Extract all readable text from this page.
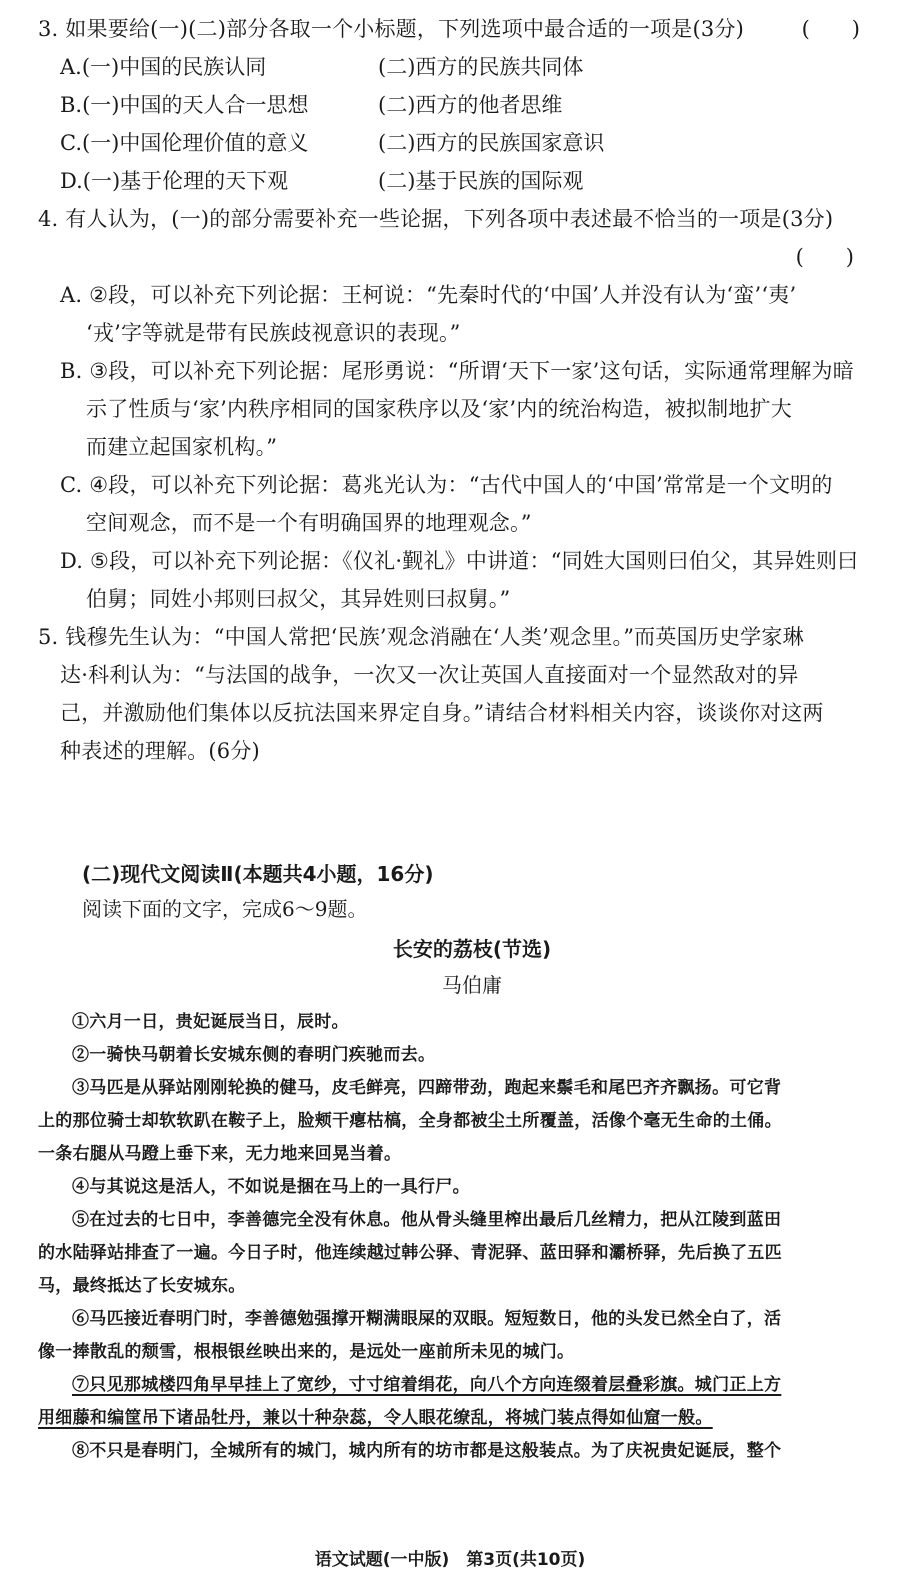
3. 如果要给(一)(二)部分各取一个小标题，下列选项中最合适的一项是(3分)	(　　)
A.(一)中国的民族认同	(二)西方的民族共同体
B.(一)中国的天人合一思想	(二)西方的他者思维
C.(一)中国伦理价值的意义	(二)西方的民族国家意识
D.(一)基于伦理的天下观	(二)基于民族的国际观
4. 有人认为，(一)的部分需要补充一些论据，下列各项中表述最不恰当的一项是(3分)
(　　)
A. ②段，可以补充下列论据：王柯说：“先秦时代的‘中国’人并没有认为‘蛮’‘夷’
‘戎’字等就是带有民族歧视意识的表现。”
B. ③段，可以补充下列论据：尾形勇说：“所谓‘天下一家’这句话，实际通常理解为暗
示了性质与‘家’内秩序相同的国家秩序以及‘家’内的统治构造，被拟制地扩大
而建立起国家机构。”
C. ④段，可以补充下列论据：葛兆光认为：“古代中国人的‘中国’常常是一个文明的
空间观念，而不是一个有明确国界的地理观念。”
D. ⑤段，可以补充下列论据：《仪礼·觐礼》中讲道：“同姓大国则曰伯父，其异姓则曰
伯舅；同姓小邦则曰叔父，其异姓则曰叔舅。”
5. 钱穆先生认为：“中国人常把‘民族’观念消融在‘人类’观念里。”而英国历史学家琳
达·科利认为：“与法国的战争，一次又一次让英国人直接面对一个显然敌对的异
己，并激励他们集体以反抗法国来界定自身。”请结合材料相关内容，谈谈你对这两
种表述的理解。(6分)
(二)现代文阅读Ⅱ(本题共4小题，16分)
阅读下面的文字，完成6～9题。
长安的荔枝(节选)
马伯庸
①六月一日，贵妃诞辰当日，辰时。
②一骑快马朝着长安城东侧的春明门疾驰而去。
③马匹是从驿站刚刚轮换的健马，皮毛鲜亮，四蹄带劲，跑起来鬃毛和尾巴齐齐飘扬。可它背
上的那位骑士却软软趴在鞍子上，脸颊干瘪枯槁，全身都被尘土所覆盖，活像个毫无生命的土俑。
一条右腿从马蹬上垂下来，无力地来回晃当着。
④与其说这是活人，不如说是捆在马上的一具行尸。
⑤在过去的七日中，李善德完全没有休息。他从骨头缝里榨出最后几丝精力，把从江陵到蓝田
的水陆驿站排查了一遍。今日子时，他连续越过韩公驿、青泥驿、蓝田驿和灞桥驿，先后换了五匹
马，最终抵达了长安城东。
⑥马匹接近春明门时，李善德勉强撑开糊满眼屎的双眼。短短数日，他的头发已然全白了，活
像一捧散乱的颓雪，根根银丝映出来的，是远处一座前所未见的城门。
⑦只见那城楼四角早早挂上了宽纱，寸寸绾着绢花，向八个方向连缀着层叠彩旗。城门正上方
用细藤和编筐吊下诸品牡丹，兼以十种杂蕊，令人眼花缭乱，将城门装点得如仙窟一般。
⑧不只是春明门，全城所有的城门，城内所有的坊市都是这般装点。为了庆祝贵妃诞辰，整个
语文试题(一中版)　第3页(共10页)
